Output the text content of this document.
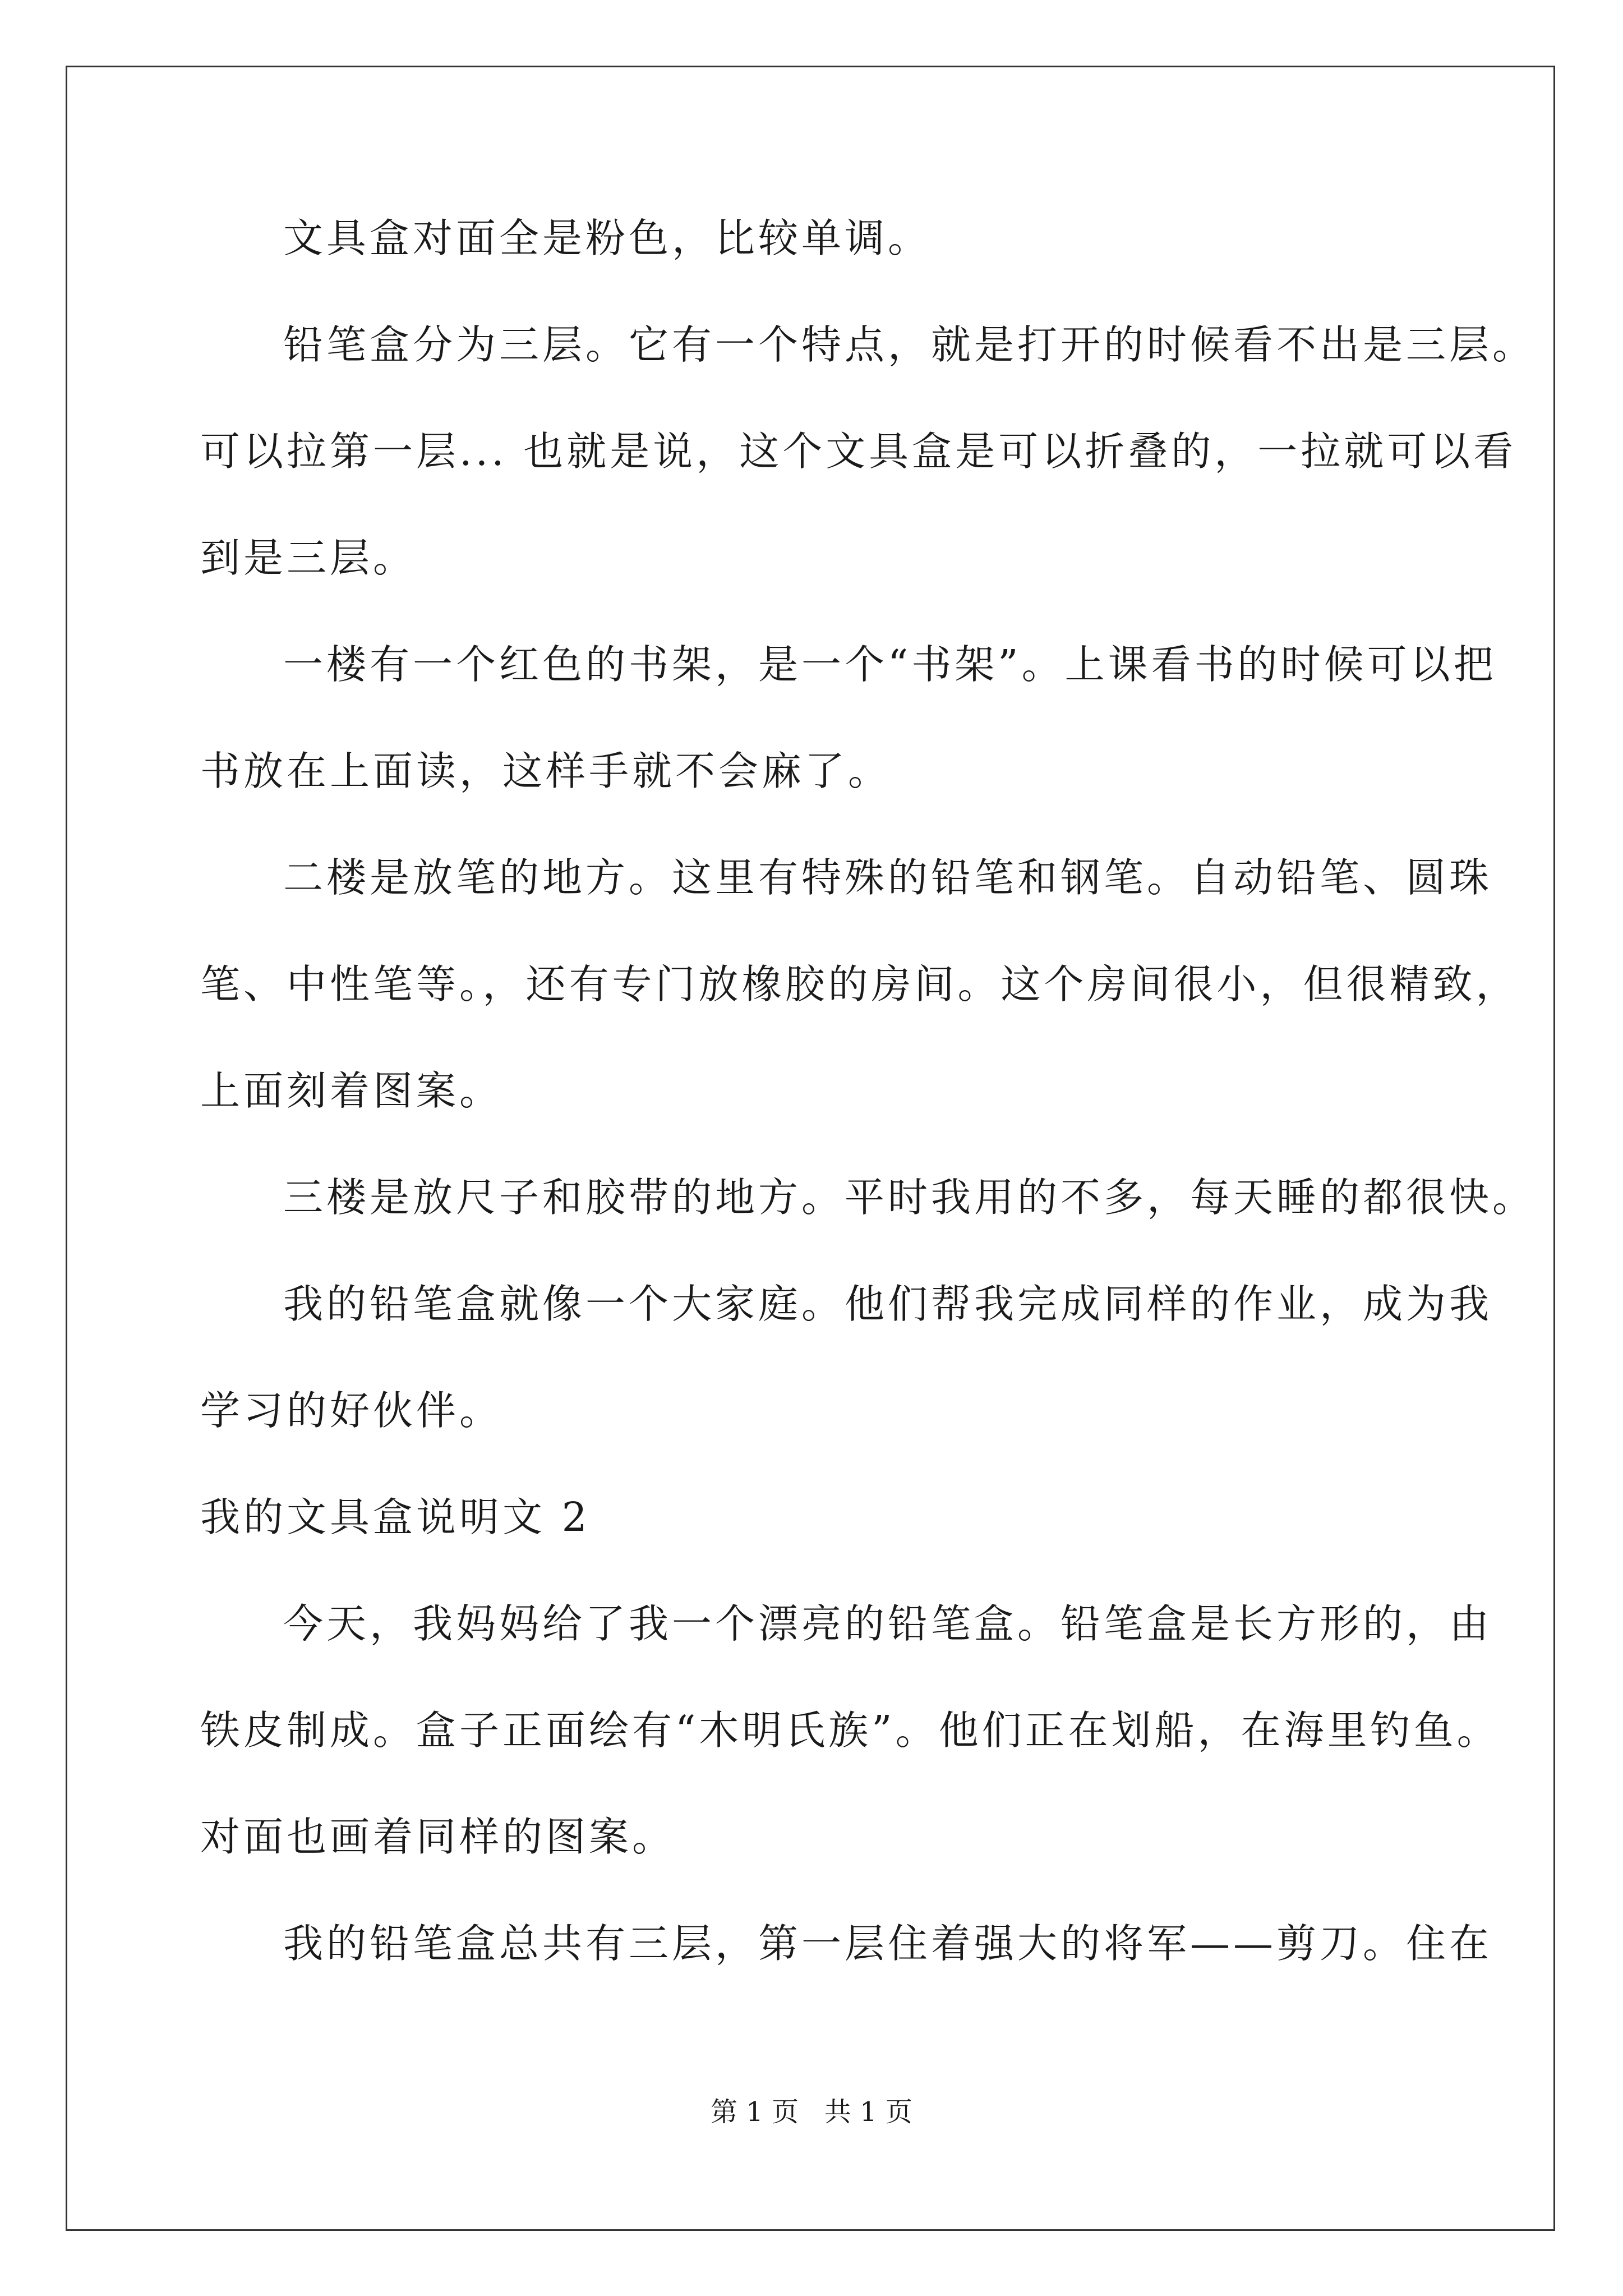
文具盒对面全是粉色，比较单调。
铅笔盒分为三层。它有一个特点，就是打开的时候看不出是三层。
可以拉第一层... 也就是说，这个文具盒是可以折叠的，一拉就可以看
到是三层。
一楼有一个红色的书架，是一个“书架”。上课看书的时候可以把
书放在上面读，这样手就不会麻了。
二楼是放笔的地方。这里有特殊的铅笔和钢笔。自动铅笔、圆珠
笔、中性笔等。，还有专门放橡胶的房间。这个房间很小，但很精致，
上面刻着图案。
三楼是放尺子和胶带的地方。平时我用的不多，每天睡的都很快。
我的铅笔盒就像一个大家庭。他们帮我完成同样的作业，成为我
学习的好伙伴。
我的文具盒说明文 2
今天，我妈妈给了我一个漂亮的铅笔盒。铅笔盒是长方形的，由
铁皮制成。盒子正面绘有“木明氏族”。他们正在划船，在海里钓鱼。
对面也画着同样的图案。
我的铅笔盒总共有三层，第一层住着强大的将军——剪刀。住在
第 1 页   共 1 页
